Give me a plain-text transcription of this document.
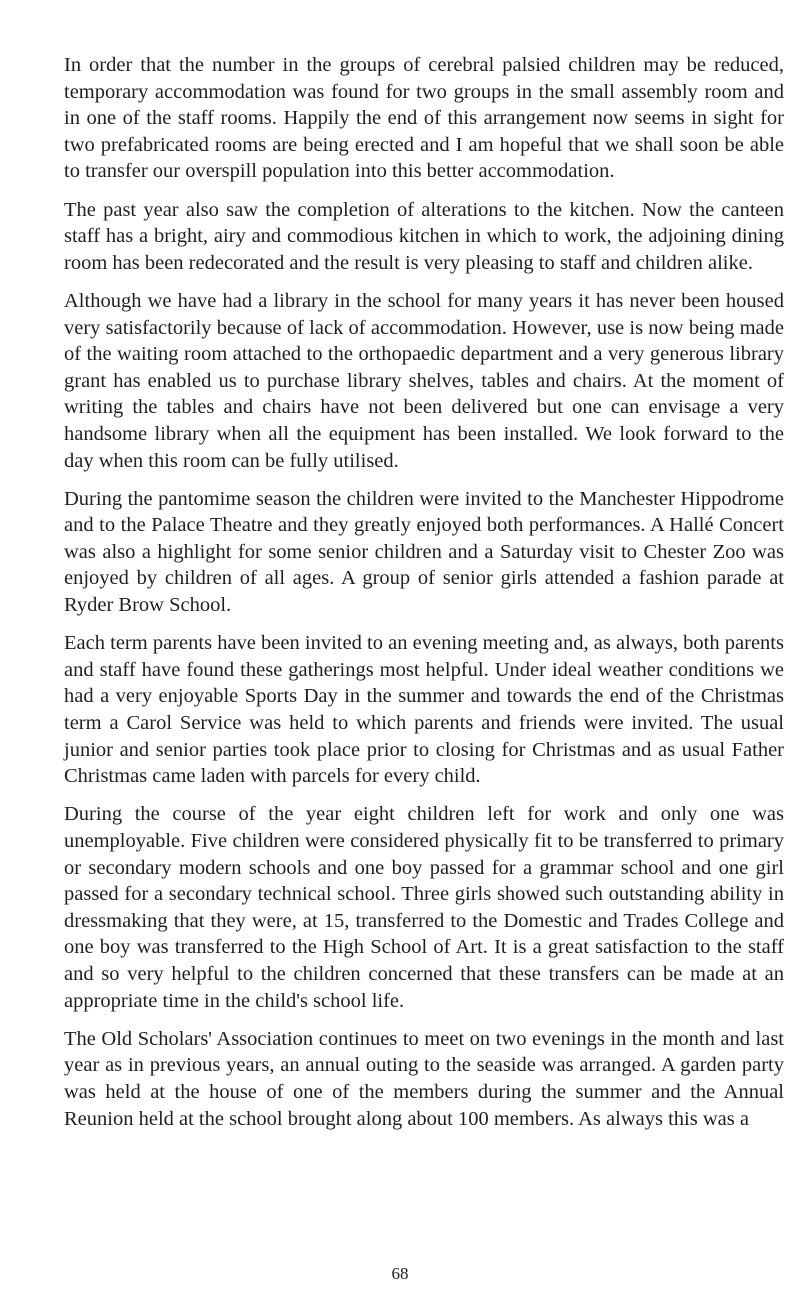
In order that the number in the groups of cerebral palsied children may be reduced, temporary accommodation was found for two groups in the small assembly room and in one of the staff rooms. Happily the end of this arrangement now seems in sight for two prefabricated rooms are being erected and I am hopeful that we shall soon be able to transfer our overspill population into this better accommodation.

The past year also saw the completion of alterations to the kitchen. Now the canteen staff has a bright, airy and commodious kitchen in which to work, the adjoining dining room has been redecorated and the result is very pleasing to staff and children alike.

Although we have had a library in the school for many years it has never been housed very satisfactorily because of lack of accommodation. However, use is now being made of the waiting room attached to the orthopaedic department and a very generous library grant has enabled us to purchase library shelves, tables and chairs. At the moment of writing the tables and chairs have not been delivered but one can envisage a very handsome library when all the equipment has been installed. We look forward to the day when this room can be fully utilised.

During the pantomime season the children were invited to the Manchester Hippodrome and to the Palace Theatre and they greatly enjoyed both performances. A Hallé Concert was also a highlight for some senior children and a Saturday visit to Chester Zoo was enjoyed by children of all ages. A group of senior girls attended a fashion parade at Ryder Brow School.

Each term parents have been invited to an evening meeting and, as always, both parents and staff have found these gatherings most helpful. Under ideal weather conditions we had a very enjoyable Sports Day in the summer and towards the end of the Christmas term a Carol Service was held to which parents and friends were invited. The usual junior and senior parties took place prior to closing for Christmas and as usual Father Christmas came laden with parcels for every child.

During the course of the year eight children left for work and only one was unemployable. Five children were considered physically fit to be transferred to primary or secondary modern schools and one boy passed for a grammar school and one girl passed for a secondary technical school. Three girls showed such outstanding ability in dressmaking that they were, at 15, transferred to the Domestic and Trades College and one boy was transferred to the High School of Art. It is a great satisfaction to the staff and so very helpful to the children concerned that these transfers can be made at an appropriate time in the child's school life.

The Old Scholars' Association continues to meet on two evenings in the month and last year as in previous years, an annual outing to the seaside was arranged. A garden party was held at the house of one of the members during the summer and the Annual Reunion held at the school brought along about 100 members. As always this was a

68
